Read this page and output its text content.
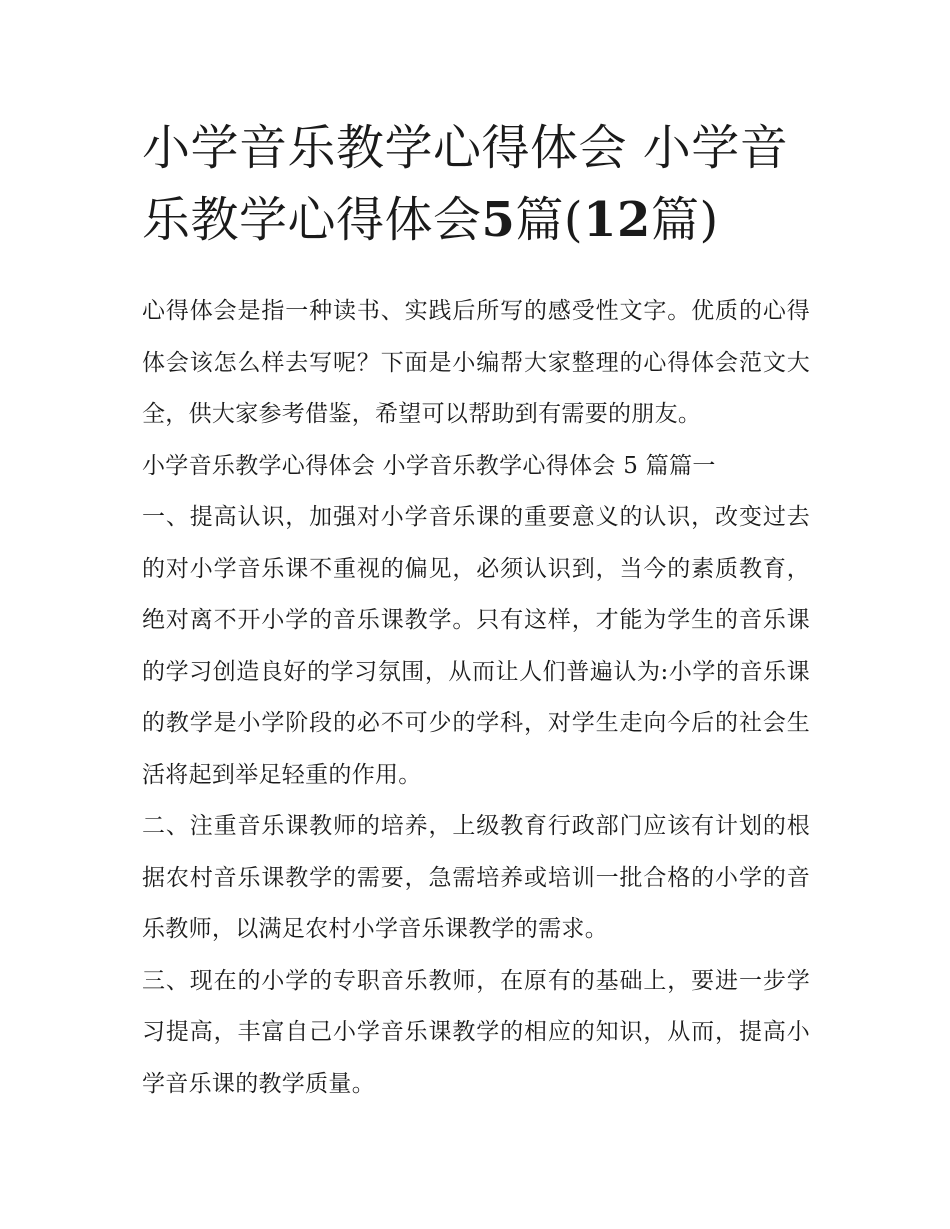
小学音乐教学心得体会 小学音乐教学心得体会5篇(12篇)

心得体会是指一种读书、实践后所写的感受性文字。优质的心得体会该怎么样去写呢？下面是小编帮大家整理的心得体会范文大全，供大家参考借鉴，希望可以帮助到有需要的朋友。

小学音乐教学心得体会 小学音乐教学心得体会 5 篇篇一

一、提高认识，加强对小学音乐课的重要意义的认识，改变过去的对小学音乐课不重视的偏见，必须认识到，当今的素质教育，绝对离不开小学的音乐课教学。只有这样，才能为学生的音乐课的学习创造良好的学习氛围，从而让人们普遍认为:小学的音乐课的教学是小学阶段的必不可少的学科，对学生走向今后的社会生活将起到举足轻重的作用。

二、注重音乐课教师的培养，上级教育行政部门应该有计划的根据农村音乐课教学的需要，急需培养或培训一批合格的小学的音乐教师，以满足农村小学音乐课教学的需求。

三、现在的小学的专职音乐教师，在原有的基础上，要进一步学习提高，丰富自己小学音乐课教学的相应的知识，从而，提高小学音乐课的教学质量。
